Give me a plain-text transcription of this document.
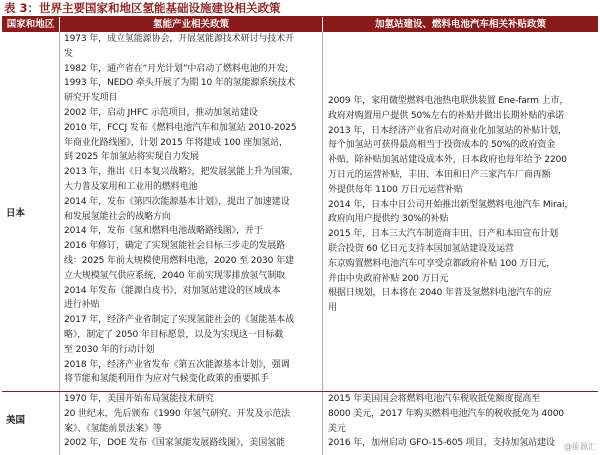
表 3：世界主要国家和地区氢能基础设施建设相关政策
国家和地区	氢能产业相关政策	加氢站建设、燃料电池汽车相关补贴政策
日本
美国
1973 年，成立氢能源协会，开展氢能源技术研讨与技术开
发
1982 年，通产省在“月光计划”中启动了燃料电池的开发;
1993 年，NEDO 牵头开展了为期 10 年的氢能源系统技术
研究开发项目
2002 年，启动 JHFC 示范项目，推动加氢站建设
2010 年，FCCJ 发布《燃料电池汽车和加氢站 2010-2025
年商业化路线图》，计划 2015 年将建成 100 座加氢站，
到 2025 年加氢站将实现自力发展
2013 年，推出《日本复兴战略》，把发展氢能上升为国策，
大力普及家用和工业用的燃料电池
2014 年，发布《第四次能源基本计划》，提出了加速建设
和发展氢能社会的战略方向
2014 年，发布《氢和燃料电池战略路线图》，并于
2016 年修订，确定了实现氢能社会目标三步走的发展路
线：2025 年前大规模使用燃料电池，2020 至 2030 年建
立大规模氢气供应系统，2040 年前实现零排放氢气制取
2014 年发布《能源白皮书》，对加氢站建设的区域成本
进行补贴
2017 年，经济产业省制定了实现氢能社会的《氢能基本战
略》，制定了 2050 年目标愿景，以及为实现这一目标截
至 2030 年的行动计划
2018 年，经济产业省发布《第五次能源基本计划》，强调
将节能和氢能利用作为应对气候变化政策的重要抓手
2009 年，家用微型燃料电池热电联供装置 Ene-farm 上市，
政府对购置用户提供 50%左右的补贴并做出长期补贴的承诺
2013 年，日本经济产业省启动对商业化加氢站的补贴计划，
每个加氢站可获得最高相当于投资成本的 50%的政府资金
补贴，除补贴加氢站建设成本外，日本政府也每年给予 2200
万日元的运营补贴，丰田、本田和日产三家汽车厂商再额
外提供每年 1100 万日元运营补贴
2014 年，日本中日公司开始推出新型氢燃料电池汽车 Mirai，
政府向用户提供约 30%的补贴
2015 年，日本三大汽车制造商丰田、日产和本田宣布计划
联合投资 60 亿日元支持本国加氢站建设及运营
东京购置燃料电池汽车可享受京都政府补贴 100 万日元，
并由中央政府补贴 200 万日元
根据日规划，日本将在 2040 年普及氢燃料电池汽车的应
用
1970 年，美国开始布局氢能技术研究
20 世纪末，先后颁布《1990 年氢气研究、开发及示范法
案》、《氢能前景法案》等
2002 年，DOE 发布《国家氢能发展路线图》，美国氢能
2015 年美国国会将燃料电池汽车税收抵免额度提高至
8000 美元，2017 年购买燃料电池汽车的税收抵免为 4000
美元
2016 年，加州启动 GFO-15-605 项目，支持加氢站建设 @能源汇
